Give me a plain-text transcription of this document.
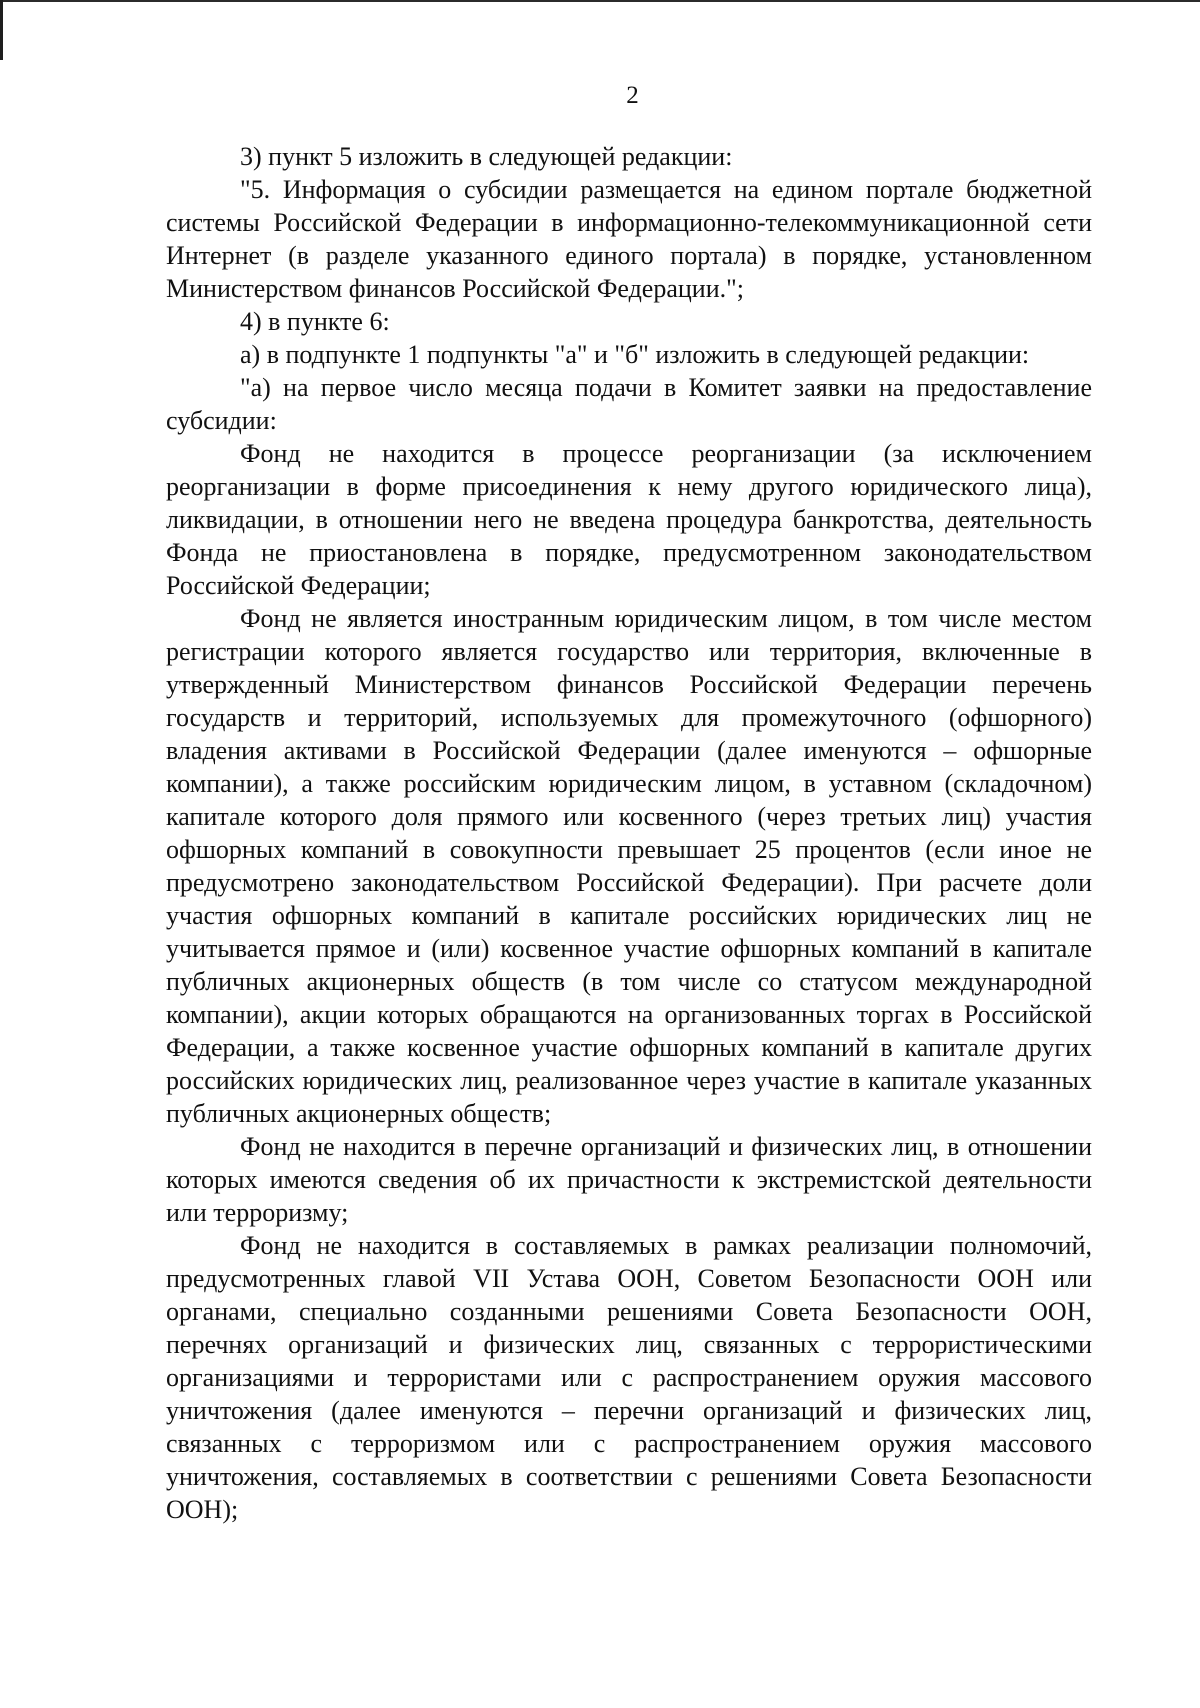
2

3) пункт 5 изложить в следующей редакции:

"5. Информация о субсидии размещается на едином портале бюджетной системы Российской Федерации в информационно-телекоммуникационной сети Интернет (в разделе указанного единого портала) в порядке, установленном Министерством финансов Российской Федерации.";

4) в пункте 6:

а) в подпункте 1 подпункты "а" и "б" изложить в следующей редакции:

"а) на первое число месяца подачи в Комитет заявки на предоставление субсидии:

Фонд не находится в процессе реорганизации (за исключением реорганизации в форме присоединения к нему другого юридического лица), ликвидации, в отношении него не введена процедура банкротства, деятельность Фонда не приостановлена в порядке, предусмотренном законодательством Российской Федерации;

Фонд не является иностранным юридическим лицом, в том числе местом регистрации которого является государство или территория, включенные в утвержденный Министерством финансов Российской Федерации перечень государств и территорий, используемых для промежуточного (офшорного) владения активами в Российской Федерации (далее именуются – офшорные компании), а также российским юридическим лицом, в уставном (складочном) капитале которого доля прямого или косвенного (через третьих лиц) участия офшорных компаний в совокупности превышает 25 процентов (если иное не предусмотрено законодательством Российской Федерации). При расчете доли участия офшорных компаний в капитале российских юридических лиц не учитывается прямое и (или) косвенное участие офшорных компаний в капитале публичных акционерных обществ (в том числе со статусом международной компании), акции которых обращаются на организованных торгах в Российской Федерации, а также косвенное участие офшорных компаний в капитале других российских юридических лиц, реализованное через участие в капитале указанных публичных акционерных обществ;

Фонд не находится в перечне организаций и физических лиц, в отношении которых имеются сведения об их причастности к экстремистской деятельности или терроризму;

Фонд не находится в составляемых в рамках реализации полномочий, предусмотренных главой VII Устава ООН, Советом Безопасности ООН или органами, специально созданными решениями Совета Безопасности ООН, перечнях организаций и физических лиц, связанных с террористическими организациями и террористами или с распространением оружия массового уничтожения (далее именуются – перечни организаций и физических лиц, связанных с терроризмом или с распространением оружия массового уничтожения, составляемых в соответствии с решениями Совета Безопасности ООН);
